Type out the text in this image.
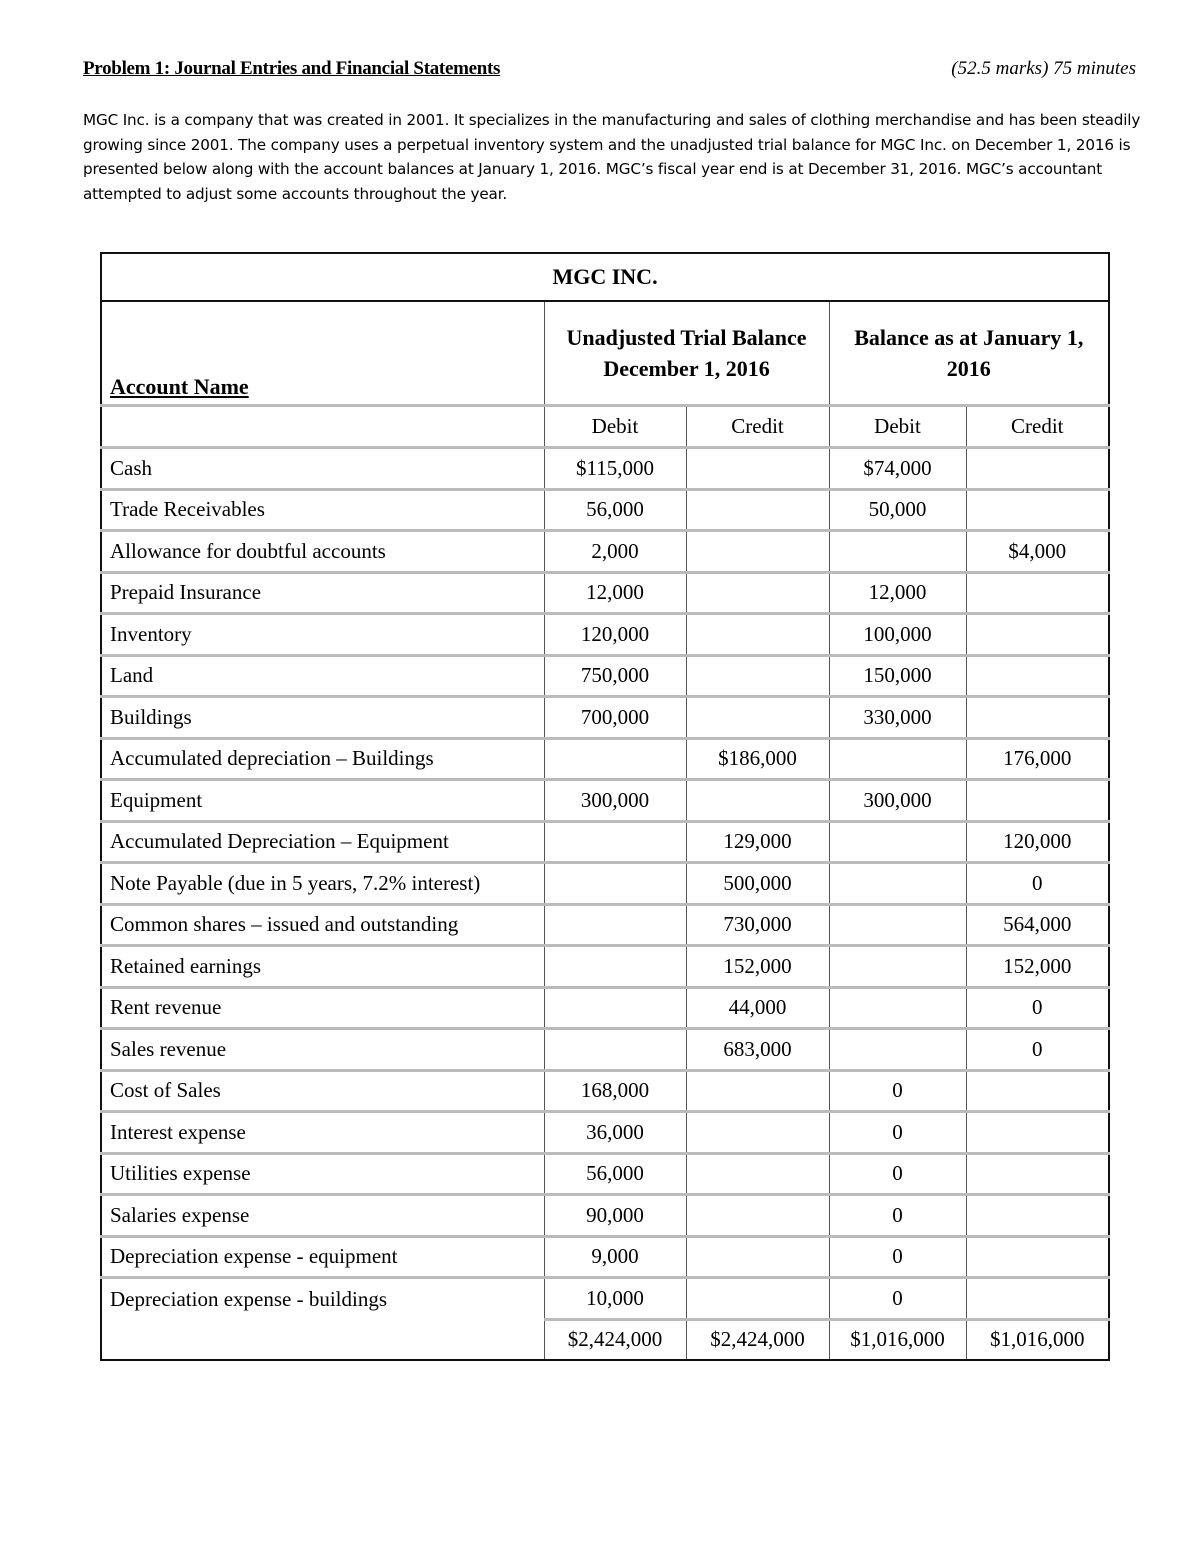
Problem 1: Journal Entries and Financial Statements	(52.5 marks) 75 minutes
MGC Inc. is a company that was created in 2001. It specializes in the manufacturing and sales of clothing merchandise and has been steadily growing since 2001. The company uses a perpetual inventory system and the unadjusted trial balance for MGC Inc. on December 1, 2016 is presented below along with the account balances at January 1, 2016. MGC’s fiscal year end is at December 31, 2016. MGC’s accountant attempted to adjust some accounts throughout the year.
MGC INC.				
Account Name	Unadjusted Trial Balance December 1, 2016		Balance as at January 1, 2016	
	Debit	Credit	Debit	Credit
Cash	$115,000		$74,000	
Trade Receivables	56,000		50,000	
Allowance for doubtful accounts	2,000			$4,000
Prepaid Insurance	12,000		12,000	
Inventory	120,000		100,000	
Land	750,000		150,000	
Buildings	700,000		330,000	
Accumulated depreciation – Buildings		$186,000		176,000
Equipment	300,000		300,000	
Accumulated Depreciation – Equipment		129,000		120,000
Note Payable (due in 5 years, 7.2% interest)		500,000		0
Common shares – issued and outstanding		730,000		564,000
Retained earnings		152,000		152,000
Rent revenue		44,000		0
Sales revenue		683,000		0
Cost of Sales	168,000		0	
Interest expense	36,000		0	
Utilities expense	56,000		0	
Salaries expense	90,000		0	
Depreciation expense - equipment	9,000		0	
Depreciation expense - buildings	10,000		0	
	$2,424,000	$2,424,000	$1,016,000	$1,016,000
